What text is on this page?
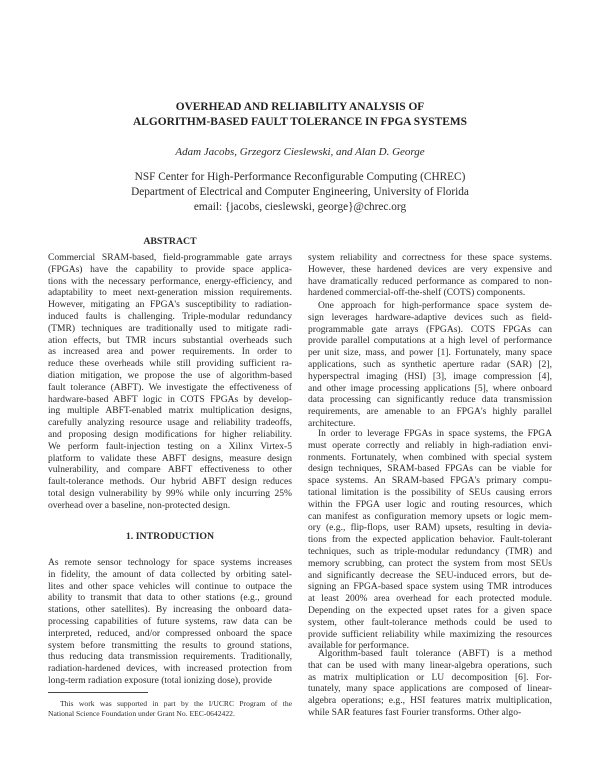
OVERHEAD AND RELIABILITY ANALYSIS OF
ALGORITHM-BASED FAULT TOLERANCE IN FPGA SYSTEMS
Adam Jacobs, Grzegorz Cieslewski, and Alan D. George
NSF Center for High-Performance Reconfigurable Computing (CHREC)
Department of Electrical and Computer Engineering, University of Florida
email: {jacobs, cieslewski, george}@chrec.org
ABSTRACT
Commercial SRAM-based, field-programmable gate arrays
(FPGAs) have the capability to provide space applica-
tions with the necessary performance, energy-efficiency, and
adaptability to meet next-generation mission requirements.
However, mitigating an FPGA's susceptibility to radiation-
induced faults is challenging. Triple-modular redundancy
(TMR) techniques are traditionally used to mitigate radi-
ation effects, but TMR incurs substantial overheads such
as increased area and power requirements. In order to
reduce these overheads while still providing sufficient ra-
diation mitigation, we propose the use of algorithm-based
fault tolerance (ABFT). We investigate the effectiveness of
hardware-based ABFT logic in COTS FPGAs by develop-
ing multiple ABFT-enabled matrix multiplication designs,
carefully analyzing resource usage and reliability tradeoffs,
and proposing design modifications for higher reliability.
We perform fault-injection testing on a Xilinx Virtex-5
platform to validate these ABFT designs, measure design
vulnerability, and compare ABFT effectiveness to other
fault-tolerance methods. Our hybrid ABFT design reduces
total design vulnerability by 99% while only incurring 25%
overhead over a baseline, non-protected design.
1. INTRODUCTION
As remote sensor technology for space systems increases
in fidelity, the amount of data collected by orbiting satel-
lites and other space vehicles will continue to outpace the
ability to transmit that data to other stations (e.g., ground
stations, other satellites). By increasing the onboard data-
processing capabilities of future systems, raw data can be
interpreted, reduced, and/or compressed onboard the space
system before transmitting the results to ground stations,
thus reducing data transmission requirements. Traditionally,
radiation-hardened devices, with increased protection from
long-term radiation exposure (total ionizing dose), provide
This work was supported in part by the I/UCRC Program of the
National Science Foundation under Grant No. EEC-0642422.
system reliability and correctness for these space systems.
However, these hardened devices are very expensive and
have dramatically reduced performance as compared to non-
hardened commercial-off-the-shelf (COTS) components.
One approach for high-performance space system de-
sign leverages hardware-adaptive devices such as field-
programmable gate arrays (FPGAs). COTS FPGAs can
provide parallel computations at a high level of performance
per unit size, mass, and power [1]. Fortunately, many space
applications, such as synthetic aperture radar (SAR) [2],
hyperspectral imaging (HSI) [3], image compression [4],
and other image processing applications [5], where onboard
data processing can significantly reduce data transmission
requirements, are amenable to an FPGA's highly parallel
architecture.
In order to leverage FPGAs in space systems, the FPGA
must operate correctly and reliably in high-radiation envi-
ronments. Fortunately, when combined with special system
design techniques, SRAM-based FPGAs can be viable for
space systems. An SRAM-based FPGA's primary compu-
tational limitation is the possibility of SEUs causing errors
within the FPGA user logic and routing resources, which
can manifest as configuration memory upsets or logic mem-
ory (e.g., flip-flops, user RAM) upsets, resulting in devia-
tions from the expected application behavior. Fault-tolerant
techniques, such as triple-modular redundancy (TMR) and
memory scrubbing, can protect the system from most SEUs
and significantly decrease the SEU-induced errors, but de-
signing an FPGA-based space system using TMR introduces
at least 200% area overhead for each protected module.
Depending on the expected upset rates for a given space
system, other fault-tolerance methods could be used to
provide sufficient reliability while maximizing the resources
available for performance.
Algorithm-based fault tolerance (ABFT) is a method
that can be used with many linear-algebra operations, such
as matrix multiplication or LU decomposition [6]. For-
tunately, many space applications are composed of linear-
algebra operations; e.g., HSI features matrix multiplication,
while SAR features fast Fourier transforms. Other algo-
